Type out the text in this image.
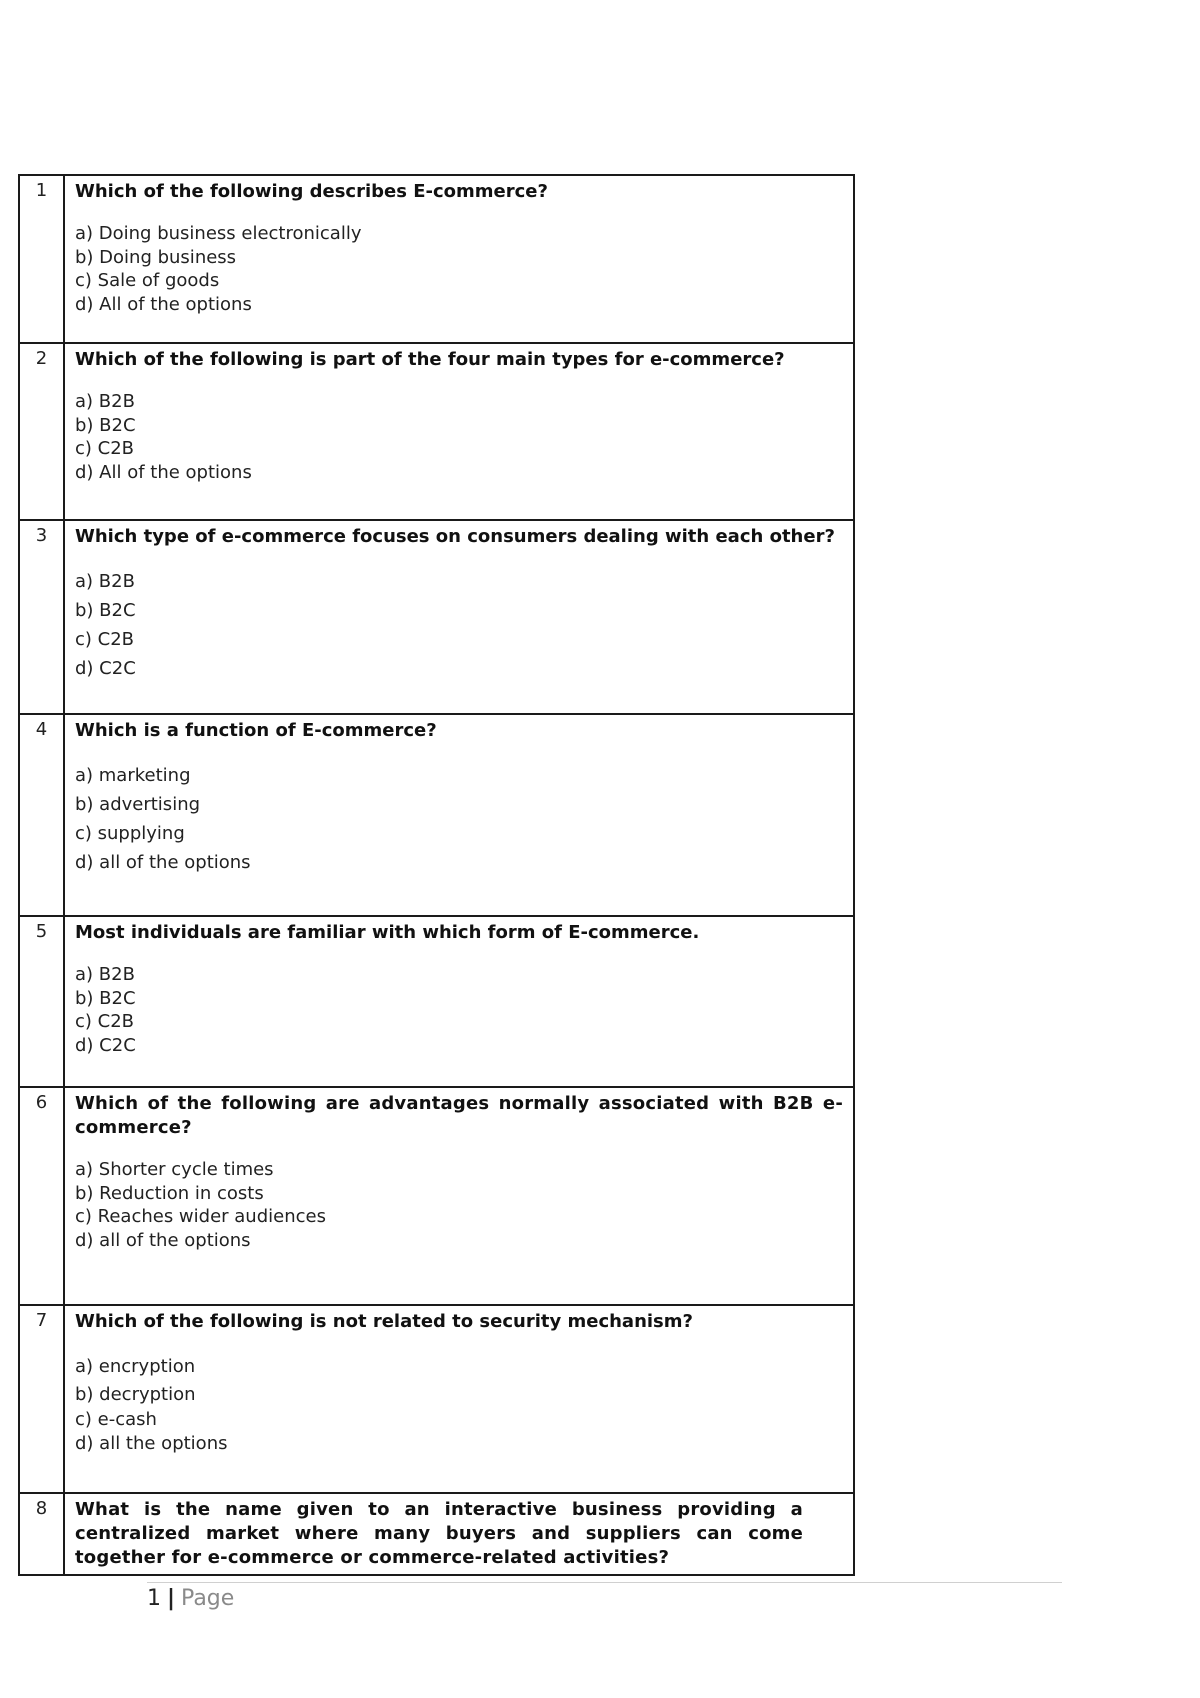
1	Which of the following describes E-commerce?
a) Doing business electronically
b) Doing business
c) Sale of goods
d) All of the options

2	Which of the following is part of the four main types for e-commerce?
a) B2B
b) B2C
c) C2B
d) All of the options

3	Which type of e-commerce focuses on consumers dealing with each other?
a) B2B
b) B2C
c) C2B
d) C2C

4	Which is a function of E-commerce?
a) marketing
b) advertising
c) supplying
d) all of the options

5	Most individuals are familiar with which form of E-commerce.
a) B2B
b) B2C
c) C2B
d) C2C

6	Which of the following are advantages normally associated with B2B e-commerce?
a) Shorter cycle times
b) Reduction in costs
c) Reaches wider audiences
d) all of the options

7	Which of the following is not related to security mechanism?
a) encryption
b) decryption
c) e-cash
d) all the options

8	What is the name given to an interactive business providing a centralized market where many buyers and suppliers can come together for e-commerce or commerce-related activities?
1 | Page
